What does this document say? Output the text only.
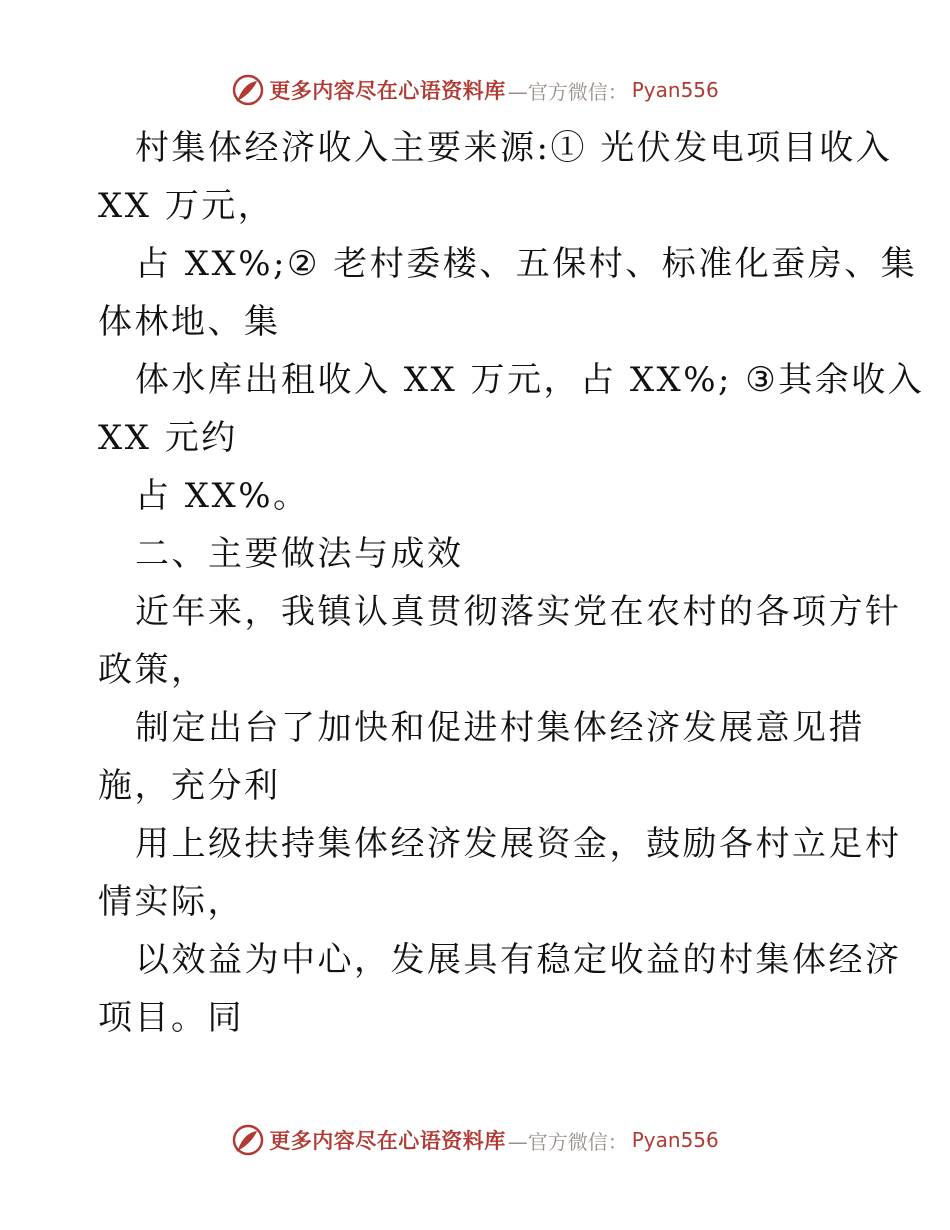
更多内容尽在心语资料库 —官方微信： Pyan556
村集体经济收入主要来源:① 光伏发电项目收入
XX 万元，
占 XX%;② 老村委楼、五保村、标准化蚕房、集
体林地、集
体水库出租收入 XX 万元，占 XX%; ③其余收入
XX 元约
占 XX%。
二、主要做法与成效
近年来，我镇认真贯彻落实党在农村的各项方针
政策，
制定出台了加快和促进村集体经济发展意见措
施，充分利
用上级扶持集体经济发展资金，鼓励各村立足村
情实际，
以效益为中心，发展具有稳定收益的村集体经济
项目。同
更多内容尽在心语资料库 —官方微信： Pyan556
